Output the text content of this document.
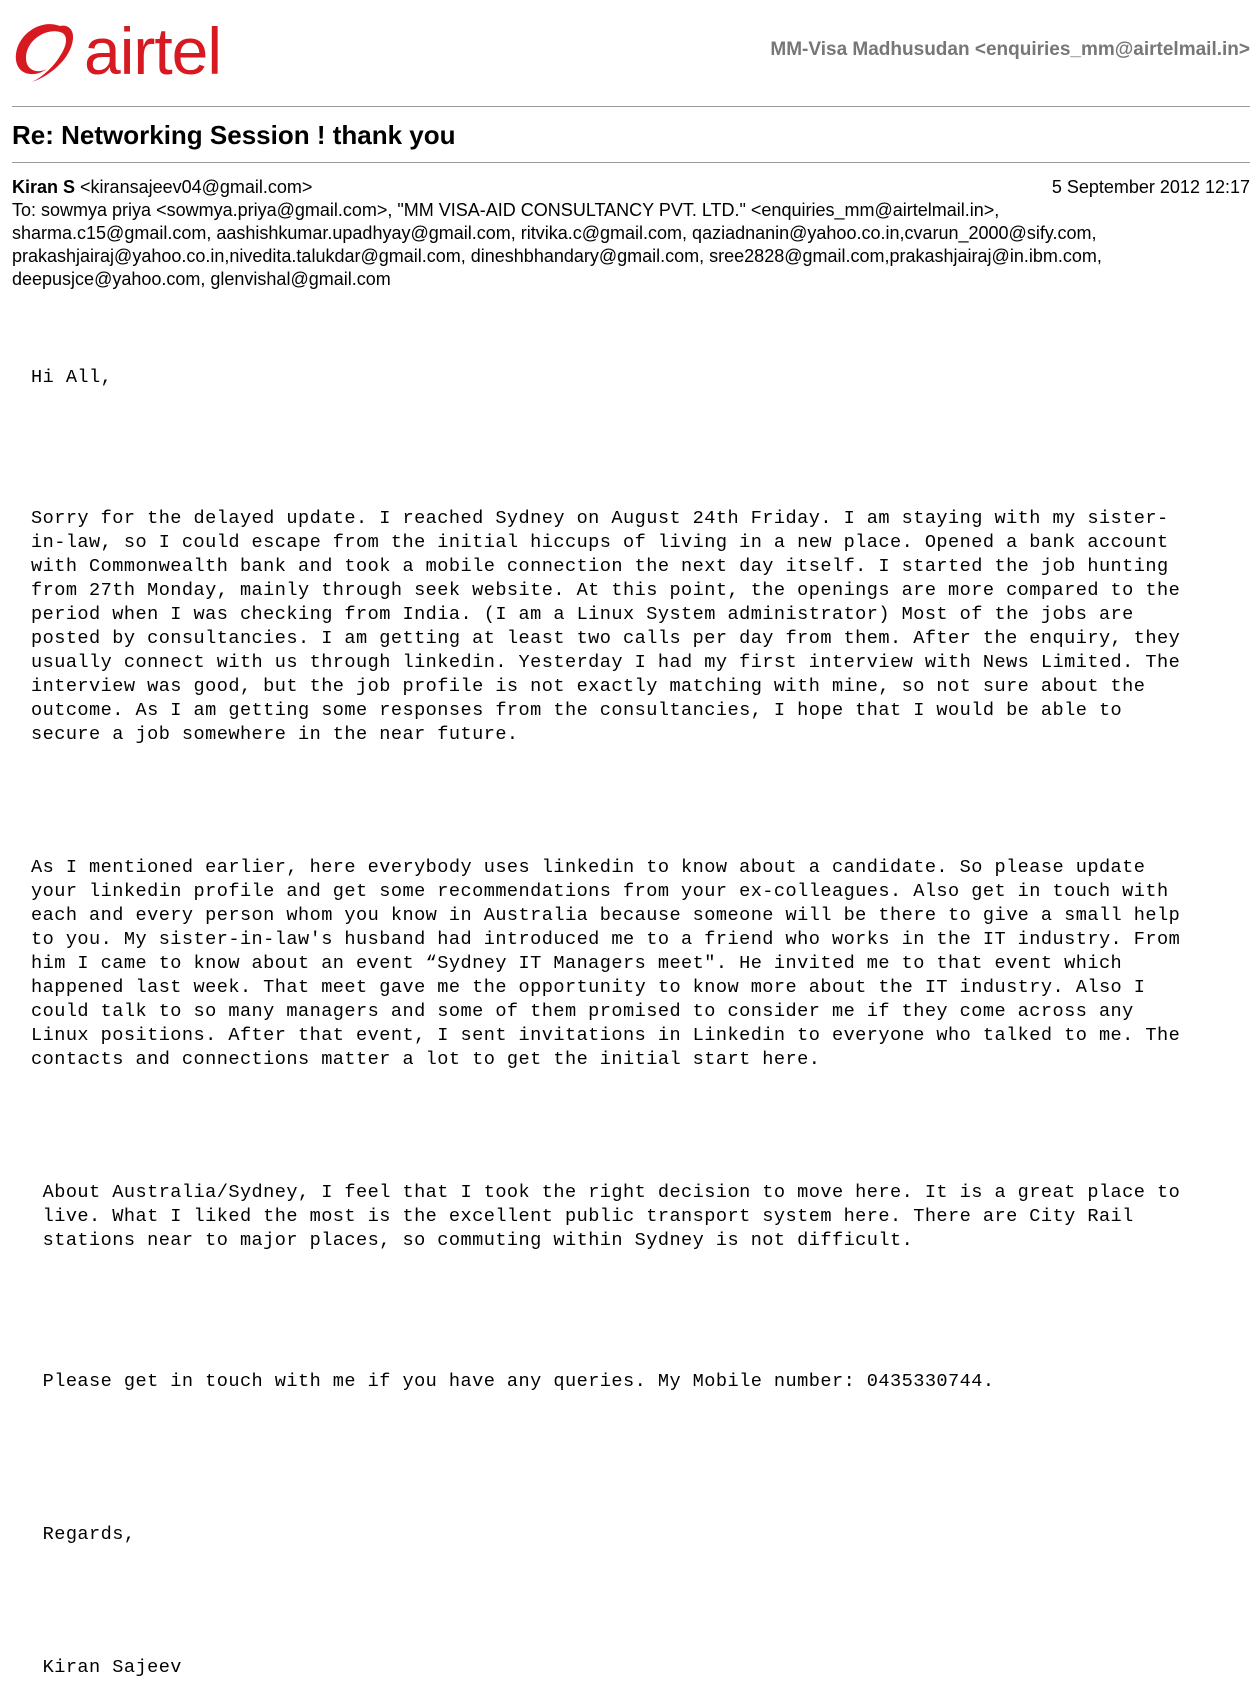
airtel	MM-Visa Madhusudan <enquiries_mm@airtelmail.in>
Re: Networking Session ! thank you
Kiran S <kiransajeev04@gmail.com>	5 September 2012 12:17
To: sowmya priya <sowmya.priya@gmail.com>, "MM VISA-AID CONSULTANCY PVT. LTD." <enquiries_mm@airtelmail.in>,
sharma.c15@gmail.com, aashishkumar.upadhyay@gmail.com, ritvika.c@gmail.com, qaziadnanin@yahoo.co.in,cvarun_2000@sify.com,
prakashjairaj@yahoo.co.in,nivedita.talukdar@gmail.com, dineshbhandary@gmail.com, sree2828@gmail.com,prakashjairaj@in.ibm.com,
deepusjce@yahoo.com, glenvishal@gmail.com

Hi All,

Sorry for the delayed update. I reached Sydney on August 24th Friday. I am staying with my sister-
in-law, so I could escape from the initial hiccups of living in a new place. Opened a bank account
with Commonwealth bank and took a mobile connection the next day itself. I started the job hunting
from 27th Monday, mainly through seek website. At this point, the openings are more compared to the
period when I was checking from India. (I am a Linux System administrator) Most of the jobs are
posted by consultancies. I am getting at least two calls per day from them. After the enquiry, they
usually connect with us through linkedin. Yesterday I had my first interview with News Limited. The
interview was good, but the job profile is not exactly matching with mine, so not sure about the
outcome. As I am getting some responses from the consultancies, I hope that I would be able to
secure a job somewhere in the near future.

As I mentioned earlier, here everybody uses linkedin to know about a candidate. So please update
your linkedin profile and get some recommendations from your ex-colleagues. Also get in touch with
each and every person whom you know in Australia because someone will be there to give a small help
to you. My sister-in-law's husband had introduced me to a friend who works in the IT industry. From
him I came to know about an event “Sydney IT Managers meet". He invited me to that event which
happened last week. That meet gave me the opportunity to know more about the IT industry. Also I
could talk to so many managers and some of them promised to consider me if they come across any
Linux positions. After that event, I sent invitations in Linkedin to everyone who talked to me. The
contacts and connections matter a lot to get the initial start here.

About Australia/Sydney, I feel that I took the right decision to move here. It is a great place to
live. What I liked the most is the excellent public transport system here. There are City Rail
stations near to major places, so commuting within Sydney is not difficult.

Please get in touch with me if you have any queries. My Mobile number: 0435330744.

Regards,

Kiran Sajeev
